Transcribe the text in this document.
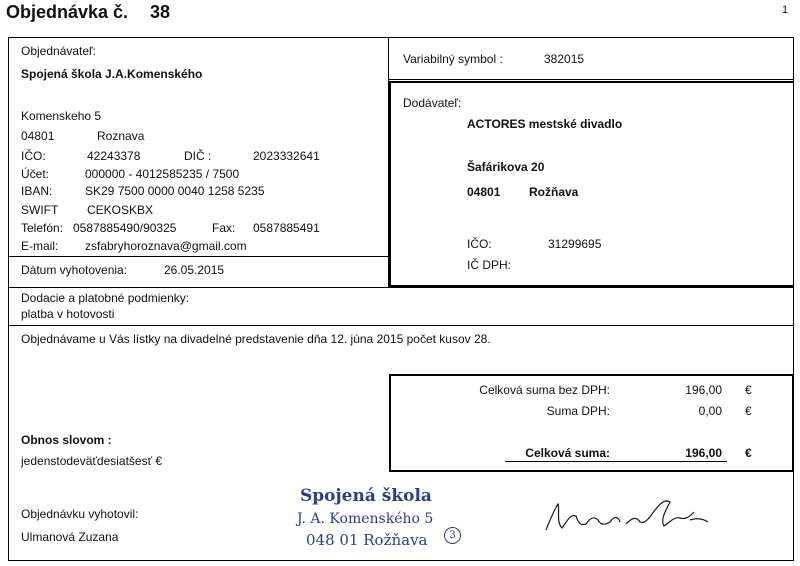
Objednávka č. 38	1
Objednávateľ:
Spojená škola J.A.Komenského
Komenskeho 5
04801	Roznava
IČO:	42243378	DIČ :	2023332641
Účet:	000000 - 4012585235 / 7500
IBAN:	SK29 7500 0000 0040 1258 5235
SWIFT CEKOSKBX
Telefón: 0587885490/90325	Fax: 0587885491
E-mail: zsfabryhoroznava@gmail.com
Dátum vyhotovenia:	26.05.2015
Variabilný symbol :	382015
Dodávateľ:
ACTORES mestské divadlo
Šafárikova 20
04801 Rožňava
IČO:	31299695
IČ DPH:
Dodacie a platobné podmienky:
platba v hotovosti
Objednávame u Vás lístky na divadelné predstavenie dňa 12. júna 2015 počet kusov 28.
Celková suma bez DPH:	196,00 €
Suma DPH:	0,00 €
Celková suma:	196,00 €
Obnos slovom :
jedenstodeväťdesiatšesť €
Objednávku vyhotovil:
Ulmanová Zuzana
Spojená škola
J. A. Komenského 5
048 01 Rožňava	3
